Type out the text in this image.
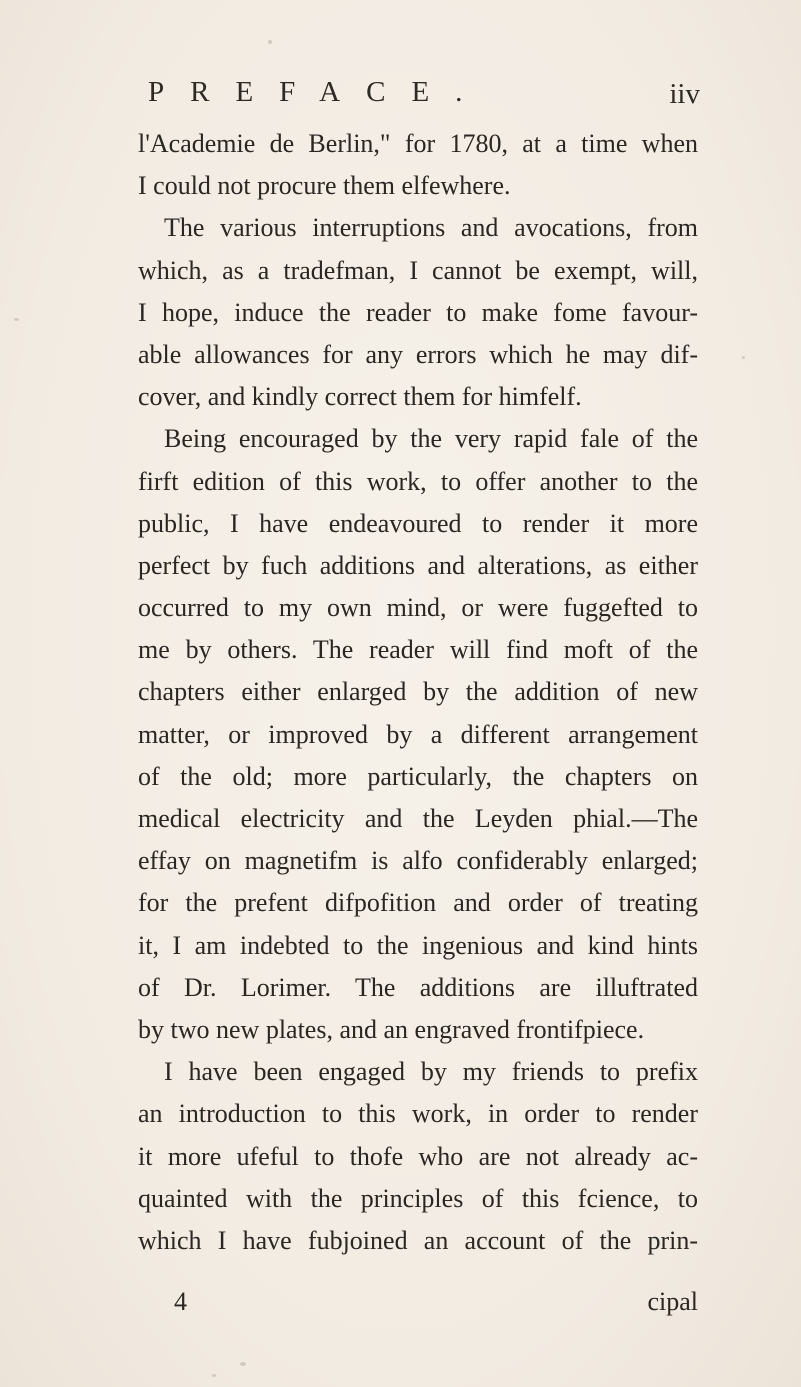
PREFACE.	iiv
l'Academie de Berlin," for 1780, at a time when
I could not procure them elfewhere.
The various interruptions and avocations, from
which, as a tradefman, I cannot be exempt, will,
I hope, induce the reader to make fome favour-
able allowances for any errors which he may dif-
cover, and kindly correct them for himfelf.
Being encouraged by the very rapid fale of the
firft edition of this work, to offer another to the
public, I have endeavoured to render it more
perfect by fuch additions and alterations, as either
occurred to my own mind, or were fuggefted to
me by others. The reader will find moft of the
chapters either enlarged by the addition of new
matter, or improved by a different arrangement
of the old; more particularly, the chapters on
medical electricity and the Leyden phial.—The
effay on magnetifm is alfo confiderably enlarged;
for the prefent difpofition and order of treating
it, I am indebted to the ingenious and kind hints
of Dr. Lorimer. The additions are illuftrated
by two new plates, and an engraved frontifpiece.
I have been engaged by my friends to prefix
an introduction to this work, in order to render
it more ufeful to thofe who are not already ac-
quainted with the principles of this fcience, to
which I have fubjoined an account of the prin-
4	cipal
